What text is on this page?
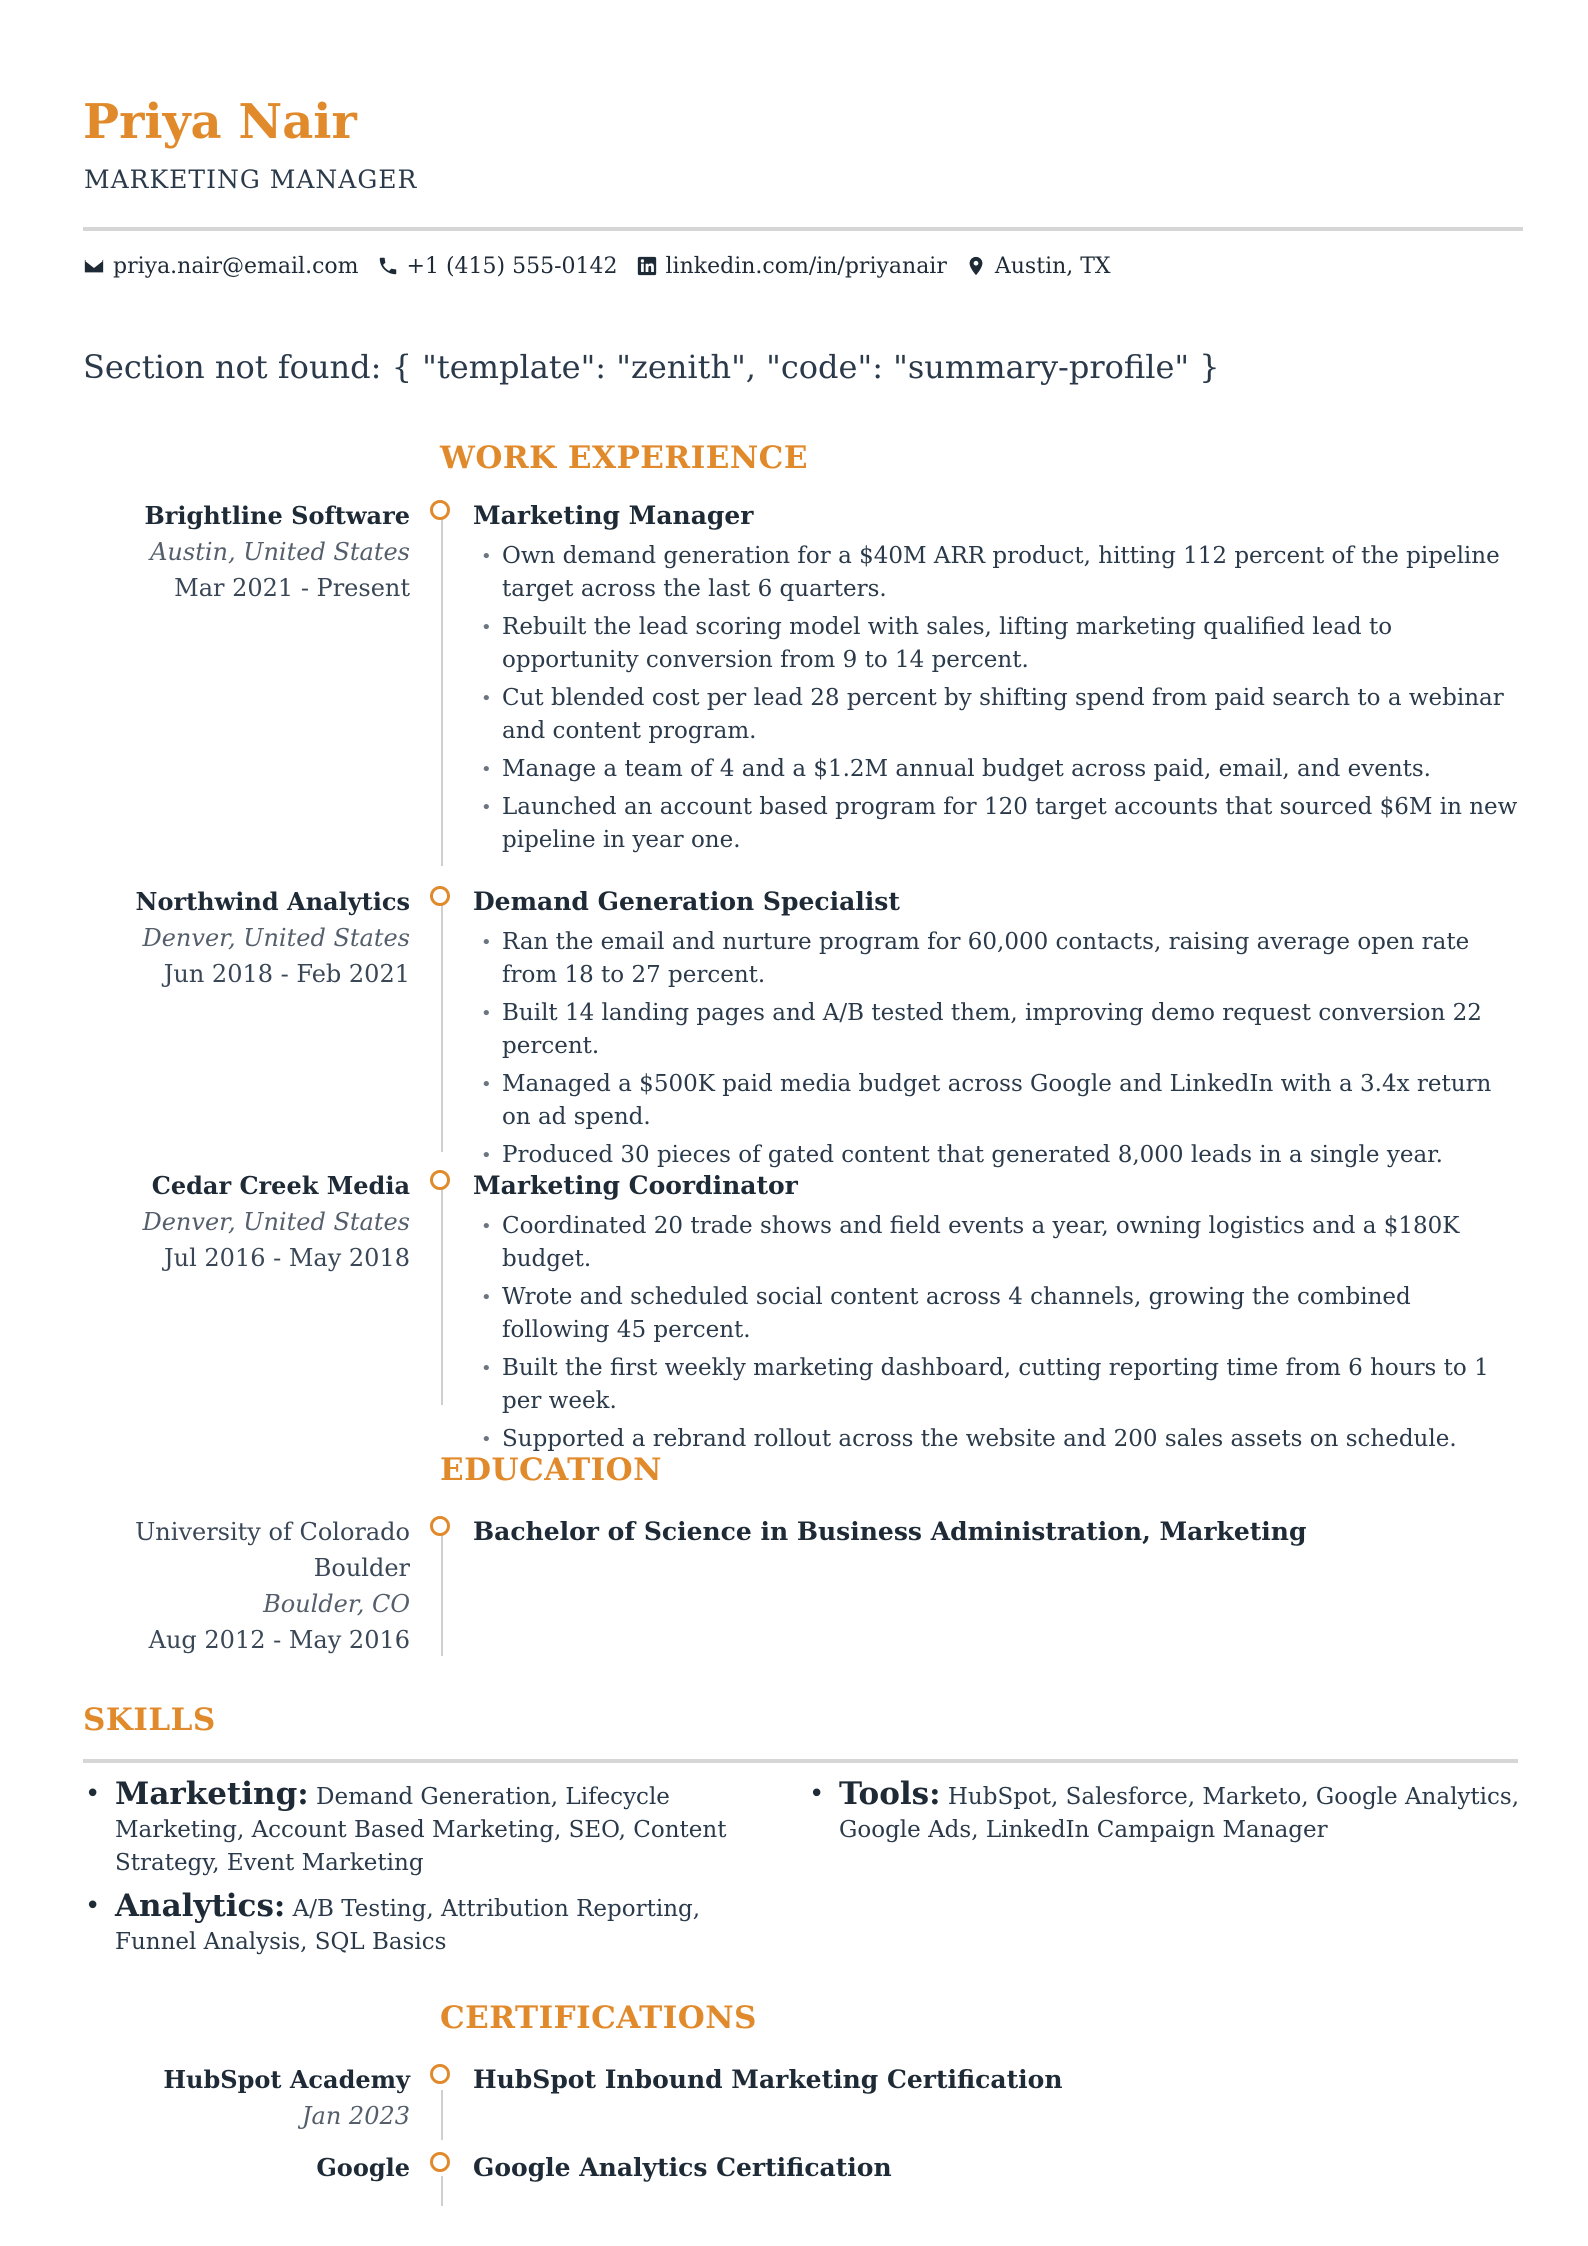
Priya Nair
MARKETING MANAGER
priya.nair@email.com +1 (415) 555-0142 linkedin.com/in/priyanair Austin, TX
Section not found: { "template": "zenith", "code": "summary-profile" }
WORK EXPERIENCE
Brightline Software
Austin, United States
Mar 2021 - Present
Marketing Manager
• Own demand generation for a $40M ARR product, hitting 112 percent of the pipeline target across the last 6 quarters.
• Rebuilt the lead scoring model with sales, lifting marketing qualified lead to opportunity conversion from 9 to 14 percent.
• Cut blended cost per lead 28 percent by shifting spend from paid search to a webinar and content program.
• Manage a team of 4 and a $1.2M annual budget across paid, email, and events.
• Launched an account based program for 120 target accounts that sourced $6M in new pipeline in year one.
Northwind Analytics
Denver, United States
Jun 2018 - Feb 2021
Demand Generation Specialist
• Ran the email and nurture program for 60,000 contacts, raising average open rate from 18 to 27 percent.
• Built 14 landing pages and A/B tested them, improving demo request conversion 22 percent.
• Managed a $500K paid media budget across Google and LinkedIn with a 3.4x return on ad spend.
• Produced 30 pieces of gated content that generated 8,000 leads in a single year.
Cedar Creek Media
Denver, United States
Jul 2016 - May 2018
Marketing Coordinator
• Coordinated 20 trade shows and field events a year, owning logistics and a $180K budget.
• Wrote and scheduled social content across 4 channels, growing the combined following 45 percent.
• Built the first weekly marketing dashboard, cutting reporting time from 6 hours to 1 per week.
• Supported a rebrand rollout across the website and 200 sales assets on schedule.
EDUCATION
University of Colorado
Boulder
Boulder, CO
Aug 2012 - May 2016
Bachelor of Science in Business Administration, Marketing
SKILLS
• Marketing: Demand Generation, Lifecycle Marketing, Account Based Marketing, SEO, Content Strategy, Event Marketing
• Analytics: A/B Testing, Attribution Reporting, Funnel Analysis, SQL Basics
• Tools: HubSpot, Salesforce, Marketo, Google Analytics, Google Ads, LinkedIn Campaign Manager
CERTIFICATIONS
HubSpot Academy
Jan 2023
HubSpot Inbound Marketing Certification
Google	Google Analytics Certification
